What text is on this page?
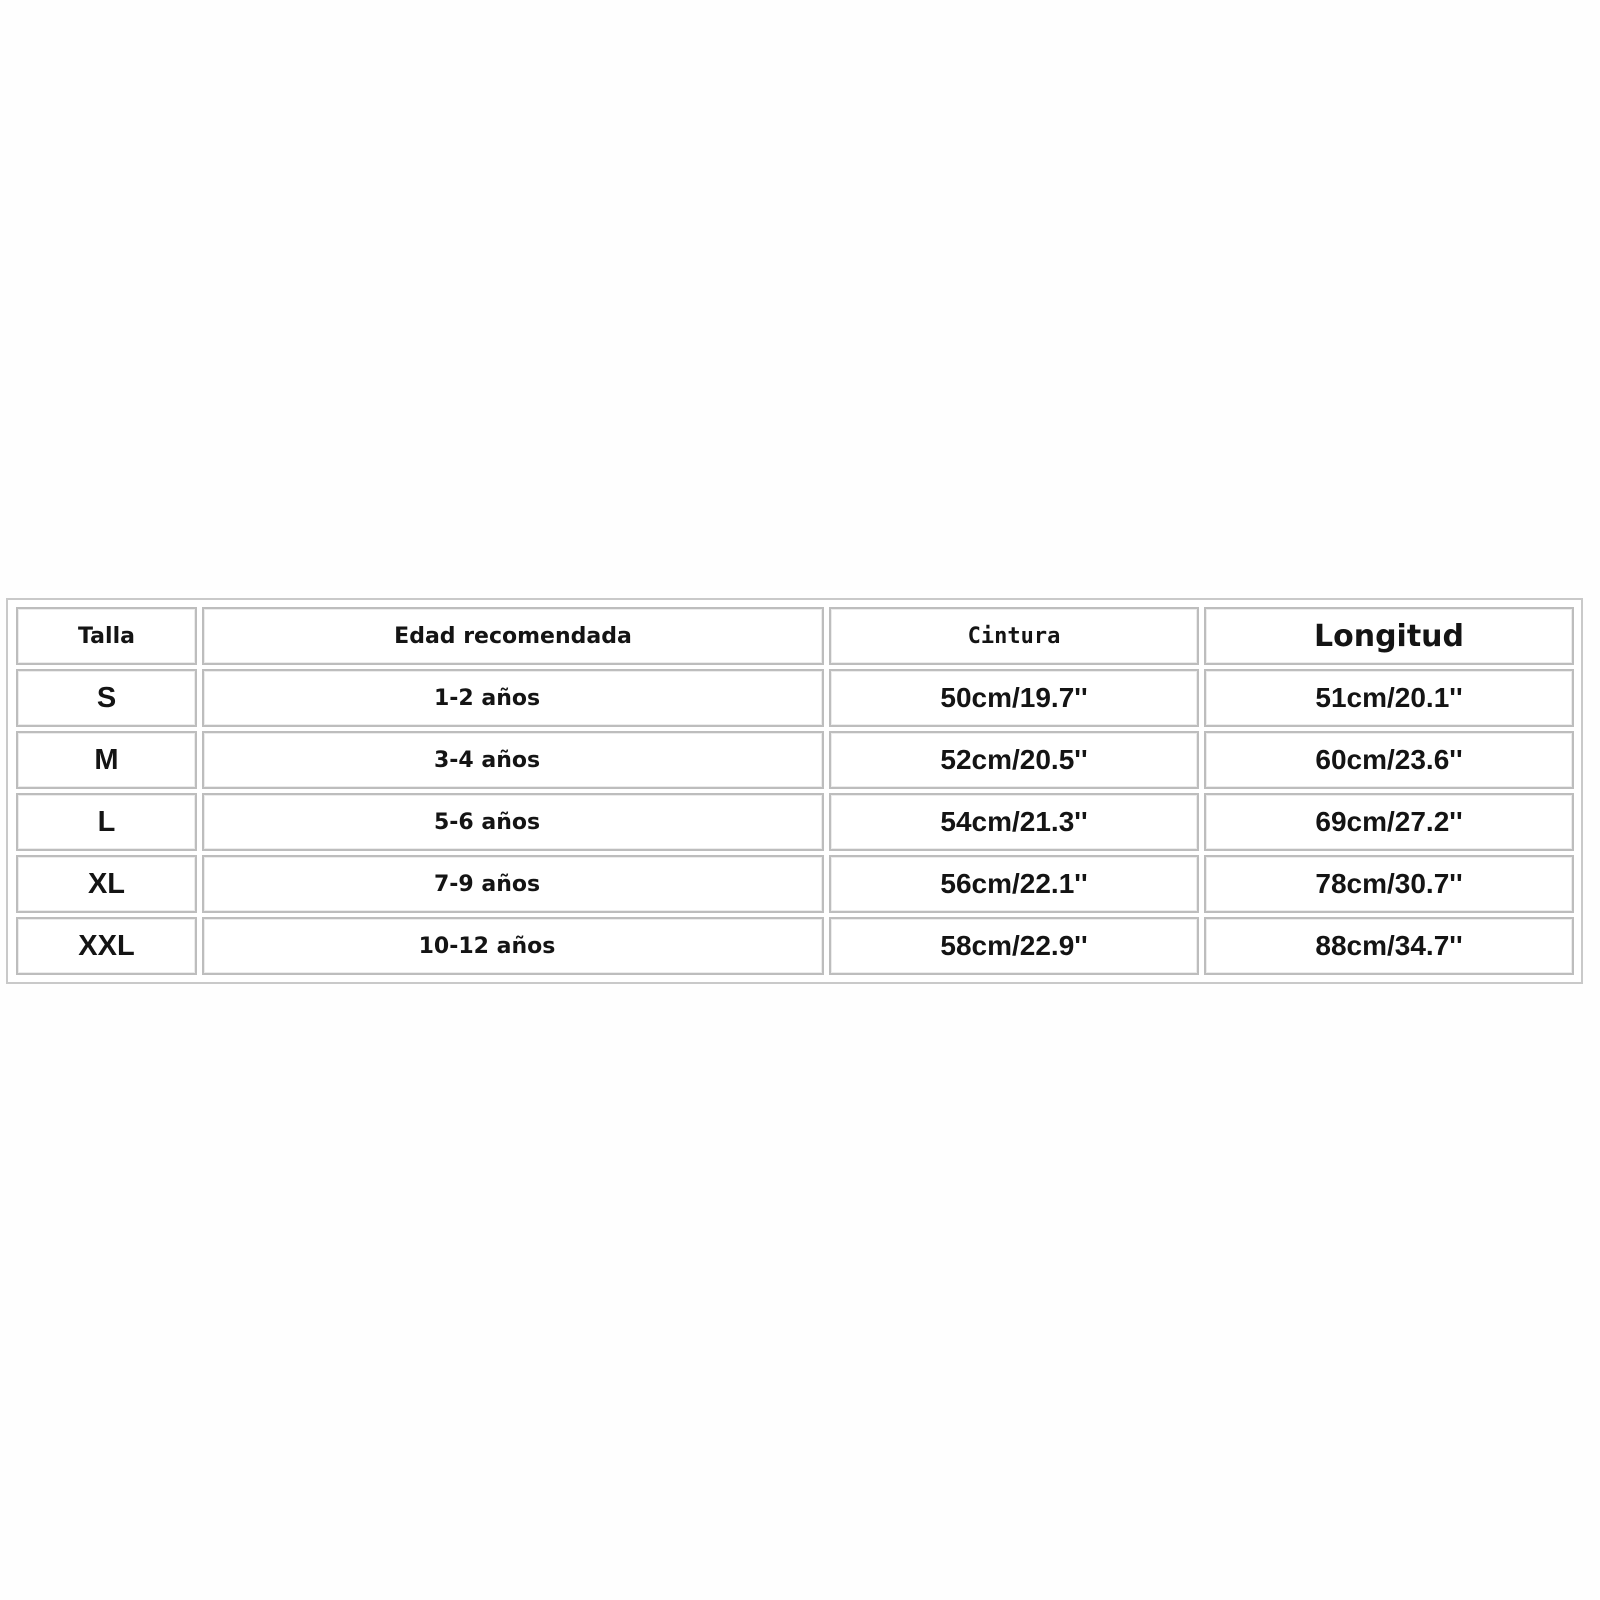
Talla	Edad recomendada	Cintura	Longitud
S	1-2 años	50cm/19.7''	51cm/20.1''
M	3-4 años	52cm/20.5''	60cm/23.6''
L	5-6 años	54cm/21.3''	69cm/27.2''
XL	7-9 años	56cm/22.1''	78cm/30.7''
XXL	10-12 años	58cm/22.9''	88cm/34.7''
